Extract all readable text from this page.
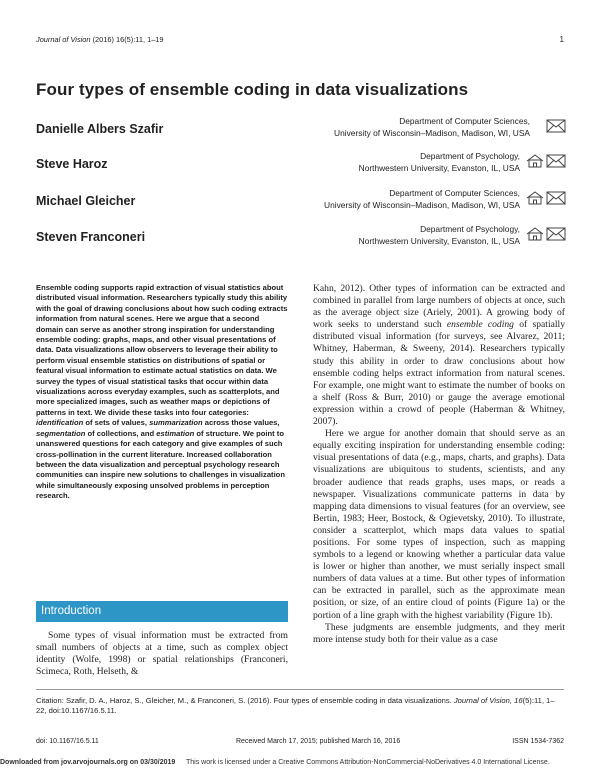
Journal of Vision (2016) 16(5):11, 1–19	1
Four types of ensemble coding in data visualizations
Danielle Albers Szafir
Department of Computer Sciences,
University of Wisconsin–Madison, Madison, WI, USA
Steve Haroz
Department of Psychology,
Northwestern University, Evanston, IL, USA
Michael Gleicher
Department of Computer Sciences,
University of Wisconsin–Madison, Madison, WI, USA
Steven Franconeri
Department of Psychology,
Northwestern University, Evanston, IL, USA

Ensemble coding supports rapid extraction of visual statistics about distributed visual information. Researchers typically study this ability with the goal of drawing conclusions about how such coding extracts information from natural scenes. Here we argue that a second domain can serve as another strong inspiration for understanding ensemble coding: graphs, maps, and other visual presentations of data. Data visualizations allow observers to leverage their ability to perform visual ensemble statistics on distributions of spatial or featural visual information to estimate actual statistics on data. We survey the types of visual statistical tasks that occur within data visualizations across everyday examples, such as scatterplots, and more specialized images, such as weather maps or depictions of patterns in text. We divide these tasks into four categories: identification of sets of values, summarization across those values, segmentation of collections, and estimation of structure. We point to unanswered questions for each category and give examples of such cross-pollination in the current literature. Increased collaboration between the data visualization and perceptual psychology research communities can inspire new solutions to challenges in visualization while simultaneously exposing unsolved problems in perception research.

Introduction

Some types of visual information must be extracted from small numbers of objects at a time, such as complex object identity (Wolfe, 1998) or spatial relationships (Franconeri, Scimeca, Roth, Helseth, &

Kahn, 2012). Other types of information can be extracted and combined in parallel from large numbers of objects at once, such as the average object size (Ariely, 2001). A growing body of work seeks to understand such ensemble coding of spatially distributed visual information (for surveys, see Alvarez, 2011; Whitney, Haberman, & Sweeny, 2014). Researchers typically study this ability in order to draw conclusions about how ensemble coding helps extract information from natural scenes. For example, one might want to estimate the number of books on a shelf (Ross & Burr, 2010) or gauge the average emotional expression within a crowd of people (Haberman & Whitney, 2007).

Here we argue for another domain that should serve as an equally exciting inspiration for understanding ensemble coding: visual presentations of data (e.g., maps, charts, and graphs). Data visualizations are ubiquitous to students, scientists, and any broader audience that reads graphs, uses maps, or reads a newspaper. Visualizations communicate patterns in data by mapping data dimensions to visual features (for an overview, see Bertin, 1983; Heer, Bostock, & Ogievetsky, 2010). To illustrate, consider a scatterplot, which maps data values to spatial positions. For some types of inspection, such as mapping symbols to a legend or knowing whether a particular data value is lower or higher than another, we must serially inspect small numbers of data values at a time. But other types of information can be extracted in parallel, such as the approximate mean position, or size, of an entire cloud of points (Figure 1a) or the portion of a line graph with the highest variability (Figure 1b).

These judgments are ensemble judgments, and they merit more intense study both for their value as a case

Citation: Szafir, D. A., Haroz, S., Gleicher, M., & Franconeri, S. (2016). Four types of ensemble coding in data visualizations. Journal of Vision, 16(5):11, 1–22, doi:10.1167/16.5.11.
doi: 10.1167/16.5.11	Received March 17, 2015; published March 16, 2016	ISSN 1534-7362
Downloaded from jov.arvojournals.org on 03/30/2019 This work is licensed under a Creative Commons Attribution-NonCommercial-NoDerivatives 4.0 International License.
